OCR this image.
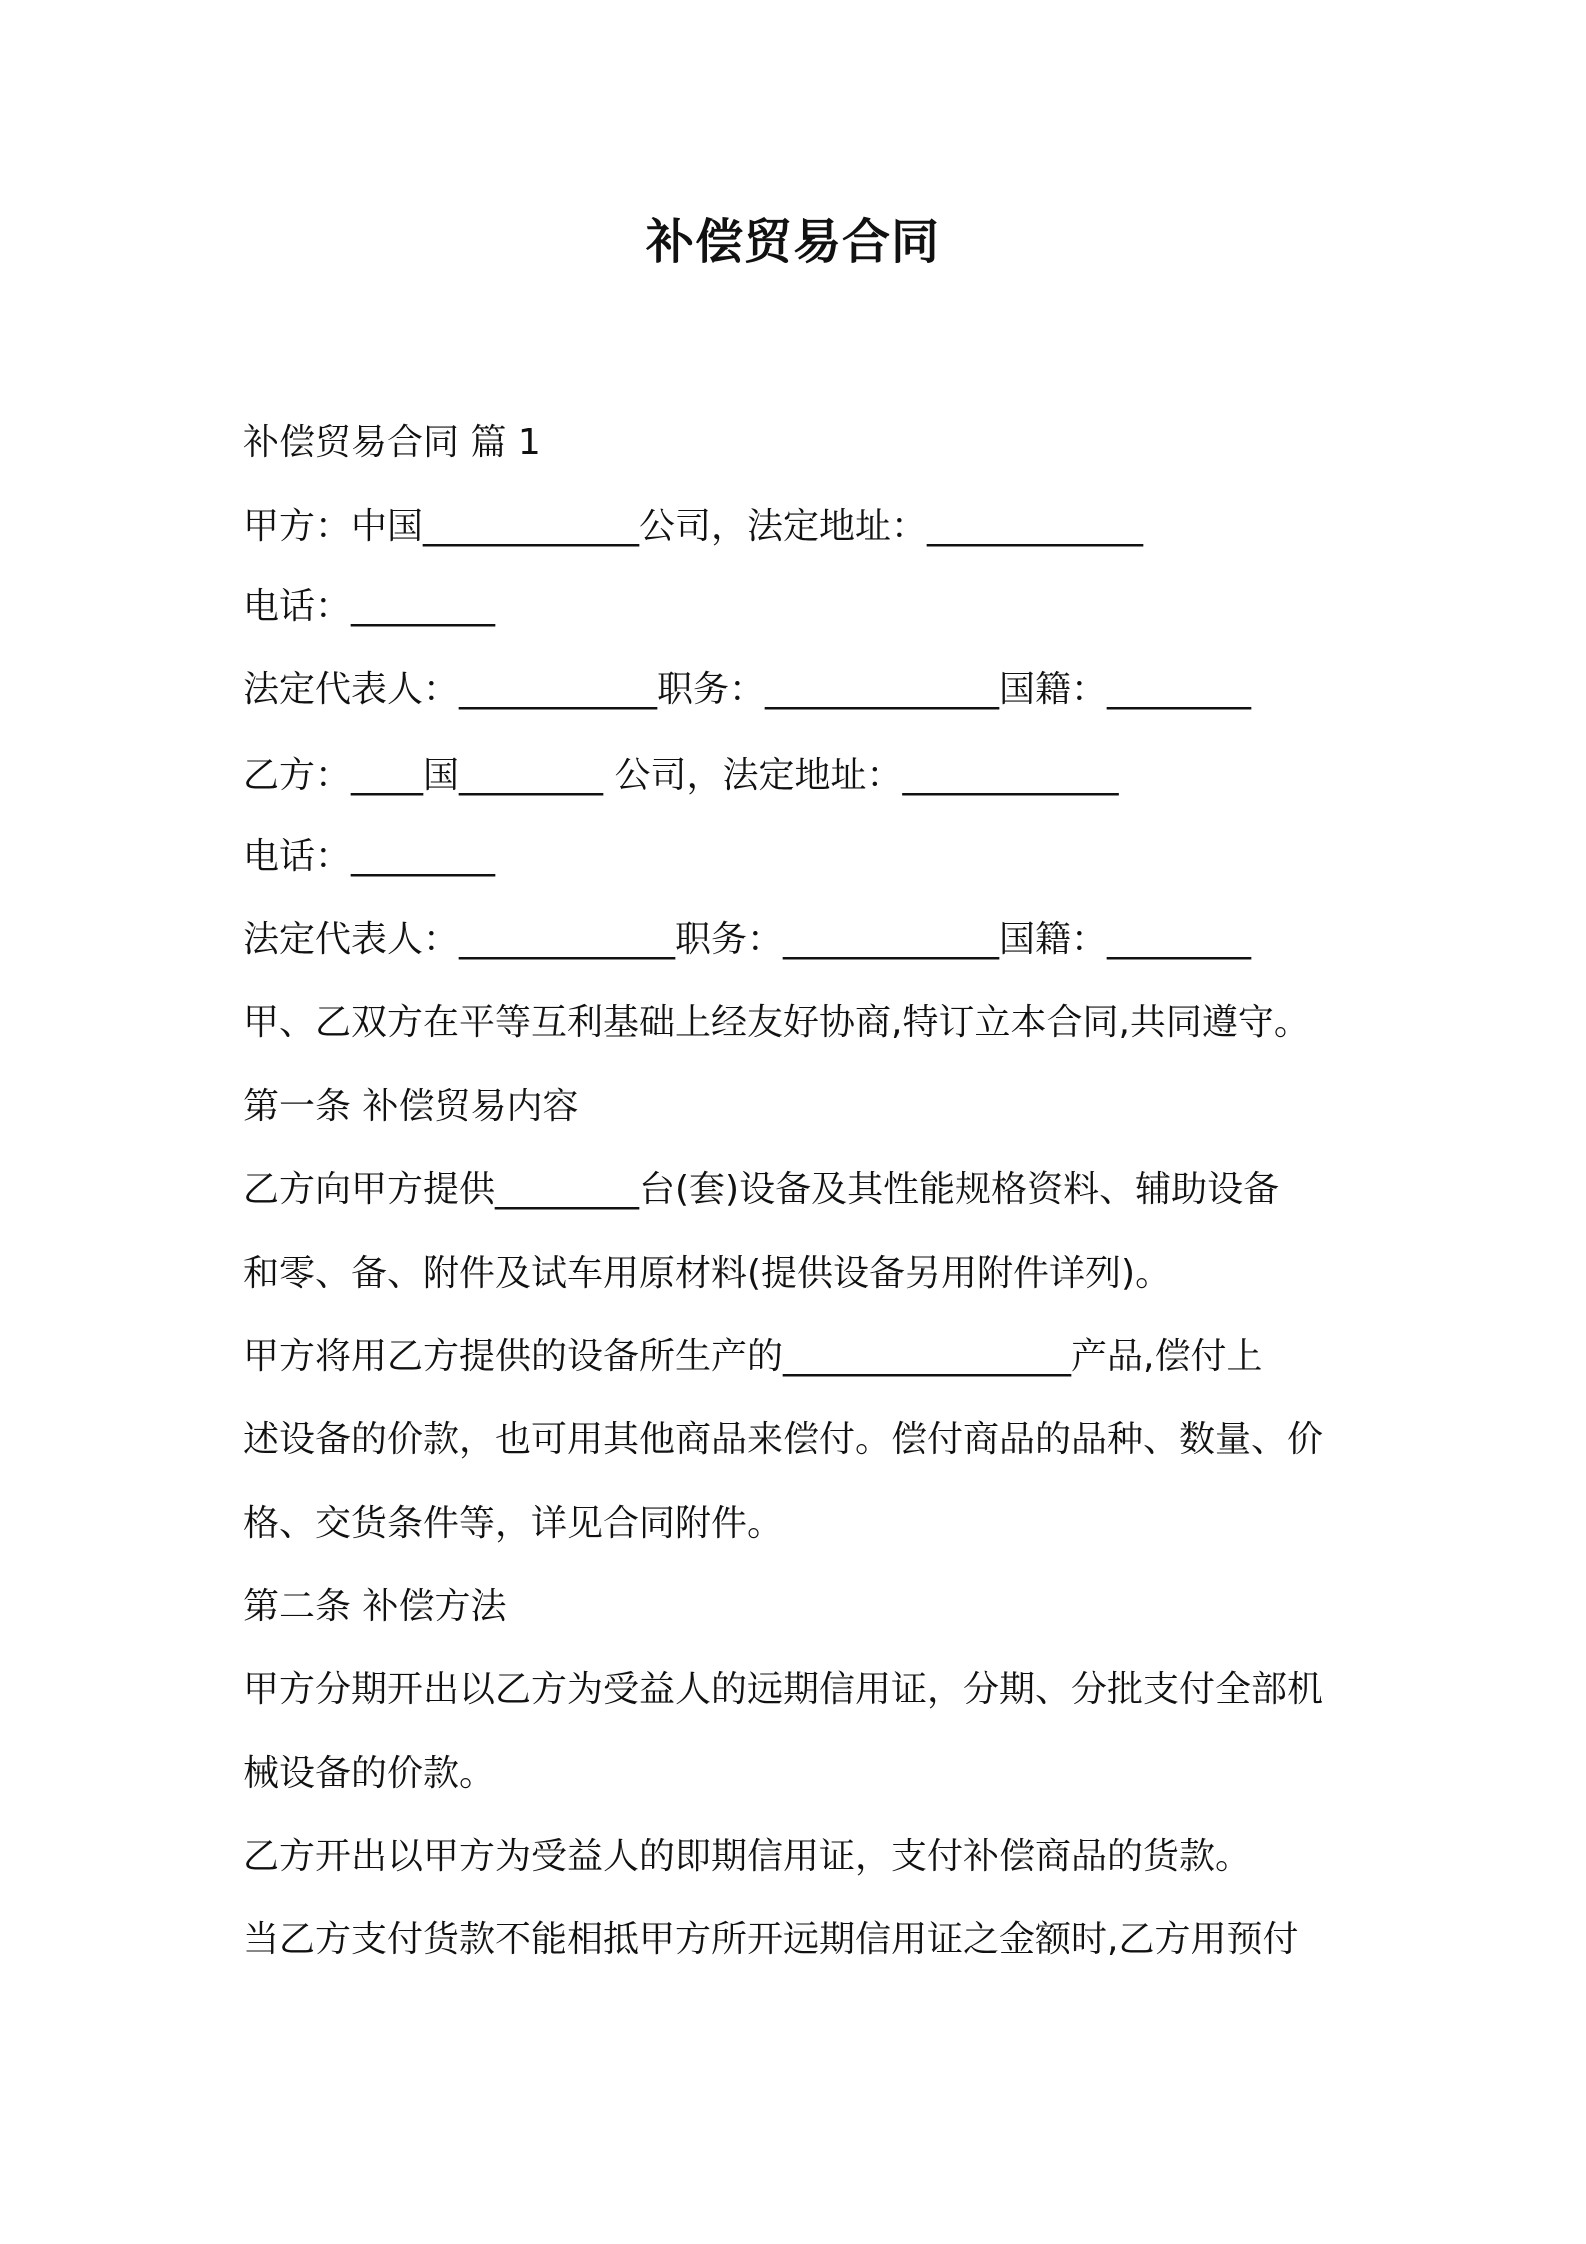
补偿贸易合同
补偿贸易合同 篇 1
甲方：中国____________公司，法定地址：____________
电话：________
法定代表人：___________职务：_____________国籍：________
乙方：____国________ 公司，法定地址：____________
电话：________
法定代表人：____________职务：____________国籍：________
甲、乙双方在平等互利基础上经友好协商,特订立本合同,共同遵守。
第一条 补偿贸易内容
乙方向甲方提供________台(套)设备及其性能规格资料、辅助设备
和零、备、附件及试车用原材料(提供设备另用附件详列)。
甲方将用乙方提供的设备所生产的________________产品,偿付上
述设备的价款，也可用其他商品来偿付。偿付商品的品种、数量、价
格、交货条件等，详见合同附件。
第二条 补偿方法
甲方分期开出以乙方为受益人的远期信用证，分期、分批支付全部机
械设备的价款。
乙方开出以甲方为受益人的即期信用证，支付补偿商品的货款。
当乙方支付货款不能相抵甲方所开远期信用证之金额时,乙方用预付
